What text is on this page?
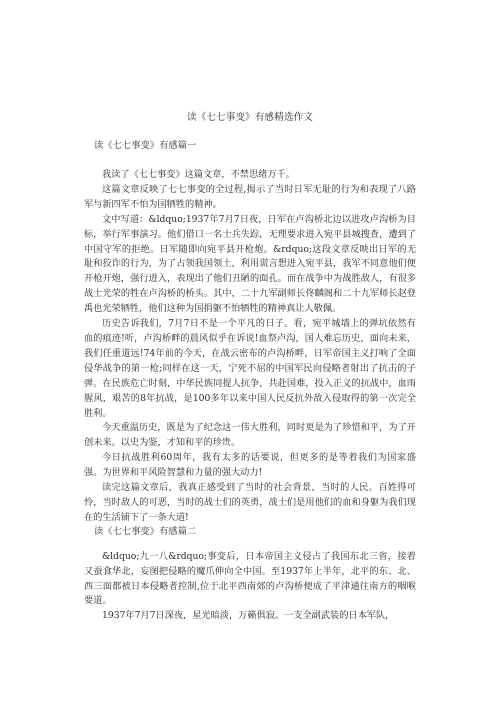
读《七七事变》有感精选作文
读《七七事变》有感篇一

我读了《七七事变》这篇文章，不禁思绪万千。

这篇文章反映了七七事变的全过程,揭示了当时日军无耻的行为和表现了八路军与新四军不怕为国牺牲的精神。

文中写道：&ldquo;1937年7月7日夜，日军在卢沟桥北边以进攻卢沟桥为目标，举行军事演习。他们借口一名士兵失踪，无理要求进入宛平县城搜查，遭到了中国守军的拒绝。日军随即向宛平县开枪炮。&rdquo;这段文章反映出日军的无耻和狡诈的行为，为了占领我国领土，利用谎言想进入宛平县，我军不同意他们便开枪开炮，强行进入，表现出了他们丑陋的面孔。而在战争中为战胜敌人，有很多战士光荣的牲在卢沟桥的桥头。其中，二十九军副师长佟麟阁和二十九军师长赵登禹也光荣牺牲，他们这种为国捐躯不怕牺牲的精神真让人敬佩。

历史告诉我们，7月7日不是一个平凡的日子。看，宛平城墙上的弹坑依然有血的痕迹!听，卢沟桥畔的晨风似乎在诉说!血祭卢沟，国人难忘历史，面向未来，我们任重道远!74年前的今天，在战云密布的卢沟桥畔，日军帝国主义打响了全面侵华战争的第一枪;同样在这一天，宁死不屈的中国军民向侵略者射出了抗击的子弹。在民族危亡时刻，中华民族同提人抗争，共赴国难，投入正义的抗战中，血雨腥风，艰苦的8年抗战，是100多年以来中国人民反抗外敌入侵取得的第一次完全胜利。

今天重温历史，既是为了纪念这一伟大胜利，同时更是为了珍惜和平，为了开创未来。以史为鉴，才知和平的珍贵。

今日抗战胜利60周年，我有太多的话要说，但更多的是等着我们为国家盛强。为世界和平风险智慧和力量的强大动力!

读完这篇文章后，我真正感受到了当时的社会背景，当时的人民。百姓得可怜，当时敌人的可恶，当时的战士们的英勇，战士们是用他们的血和身躯为我们现在的生活铺下了一条大道!

读《七七事变》有感篇二

&ldquo;九一八&rdquo;事变后，日本帝国主义侵占了我国东北三省，接着又蚕食华北，妄图把侵略的魔爪伸向全中国。至1937年上半年，北平的东、北、西三面都被日本侵略者控制,位于北平西南郊的卢沟桥便成了平津通往南方的咽喉要道。

1937年7月7日深夜，星光暗淡，万籁俱寂。一支全副武装的日本军队，
